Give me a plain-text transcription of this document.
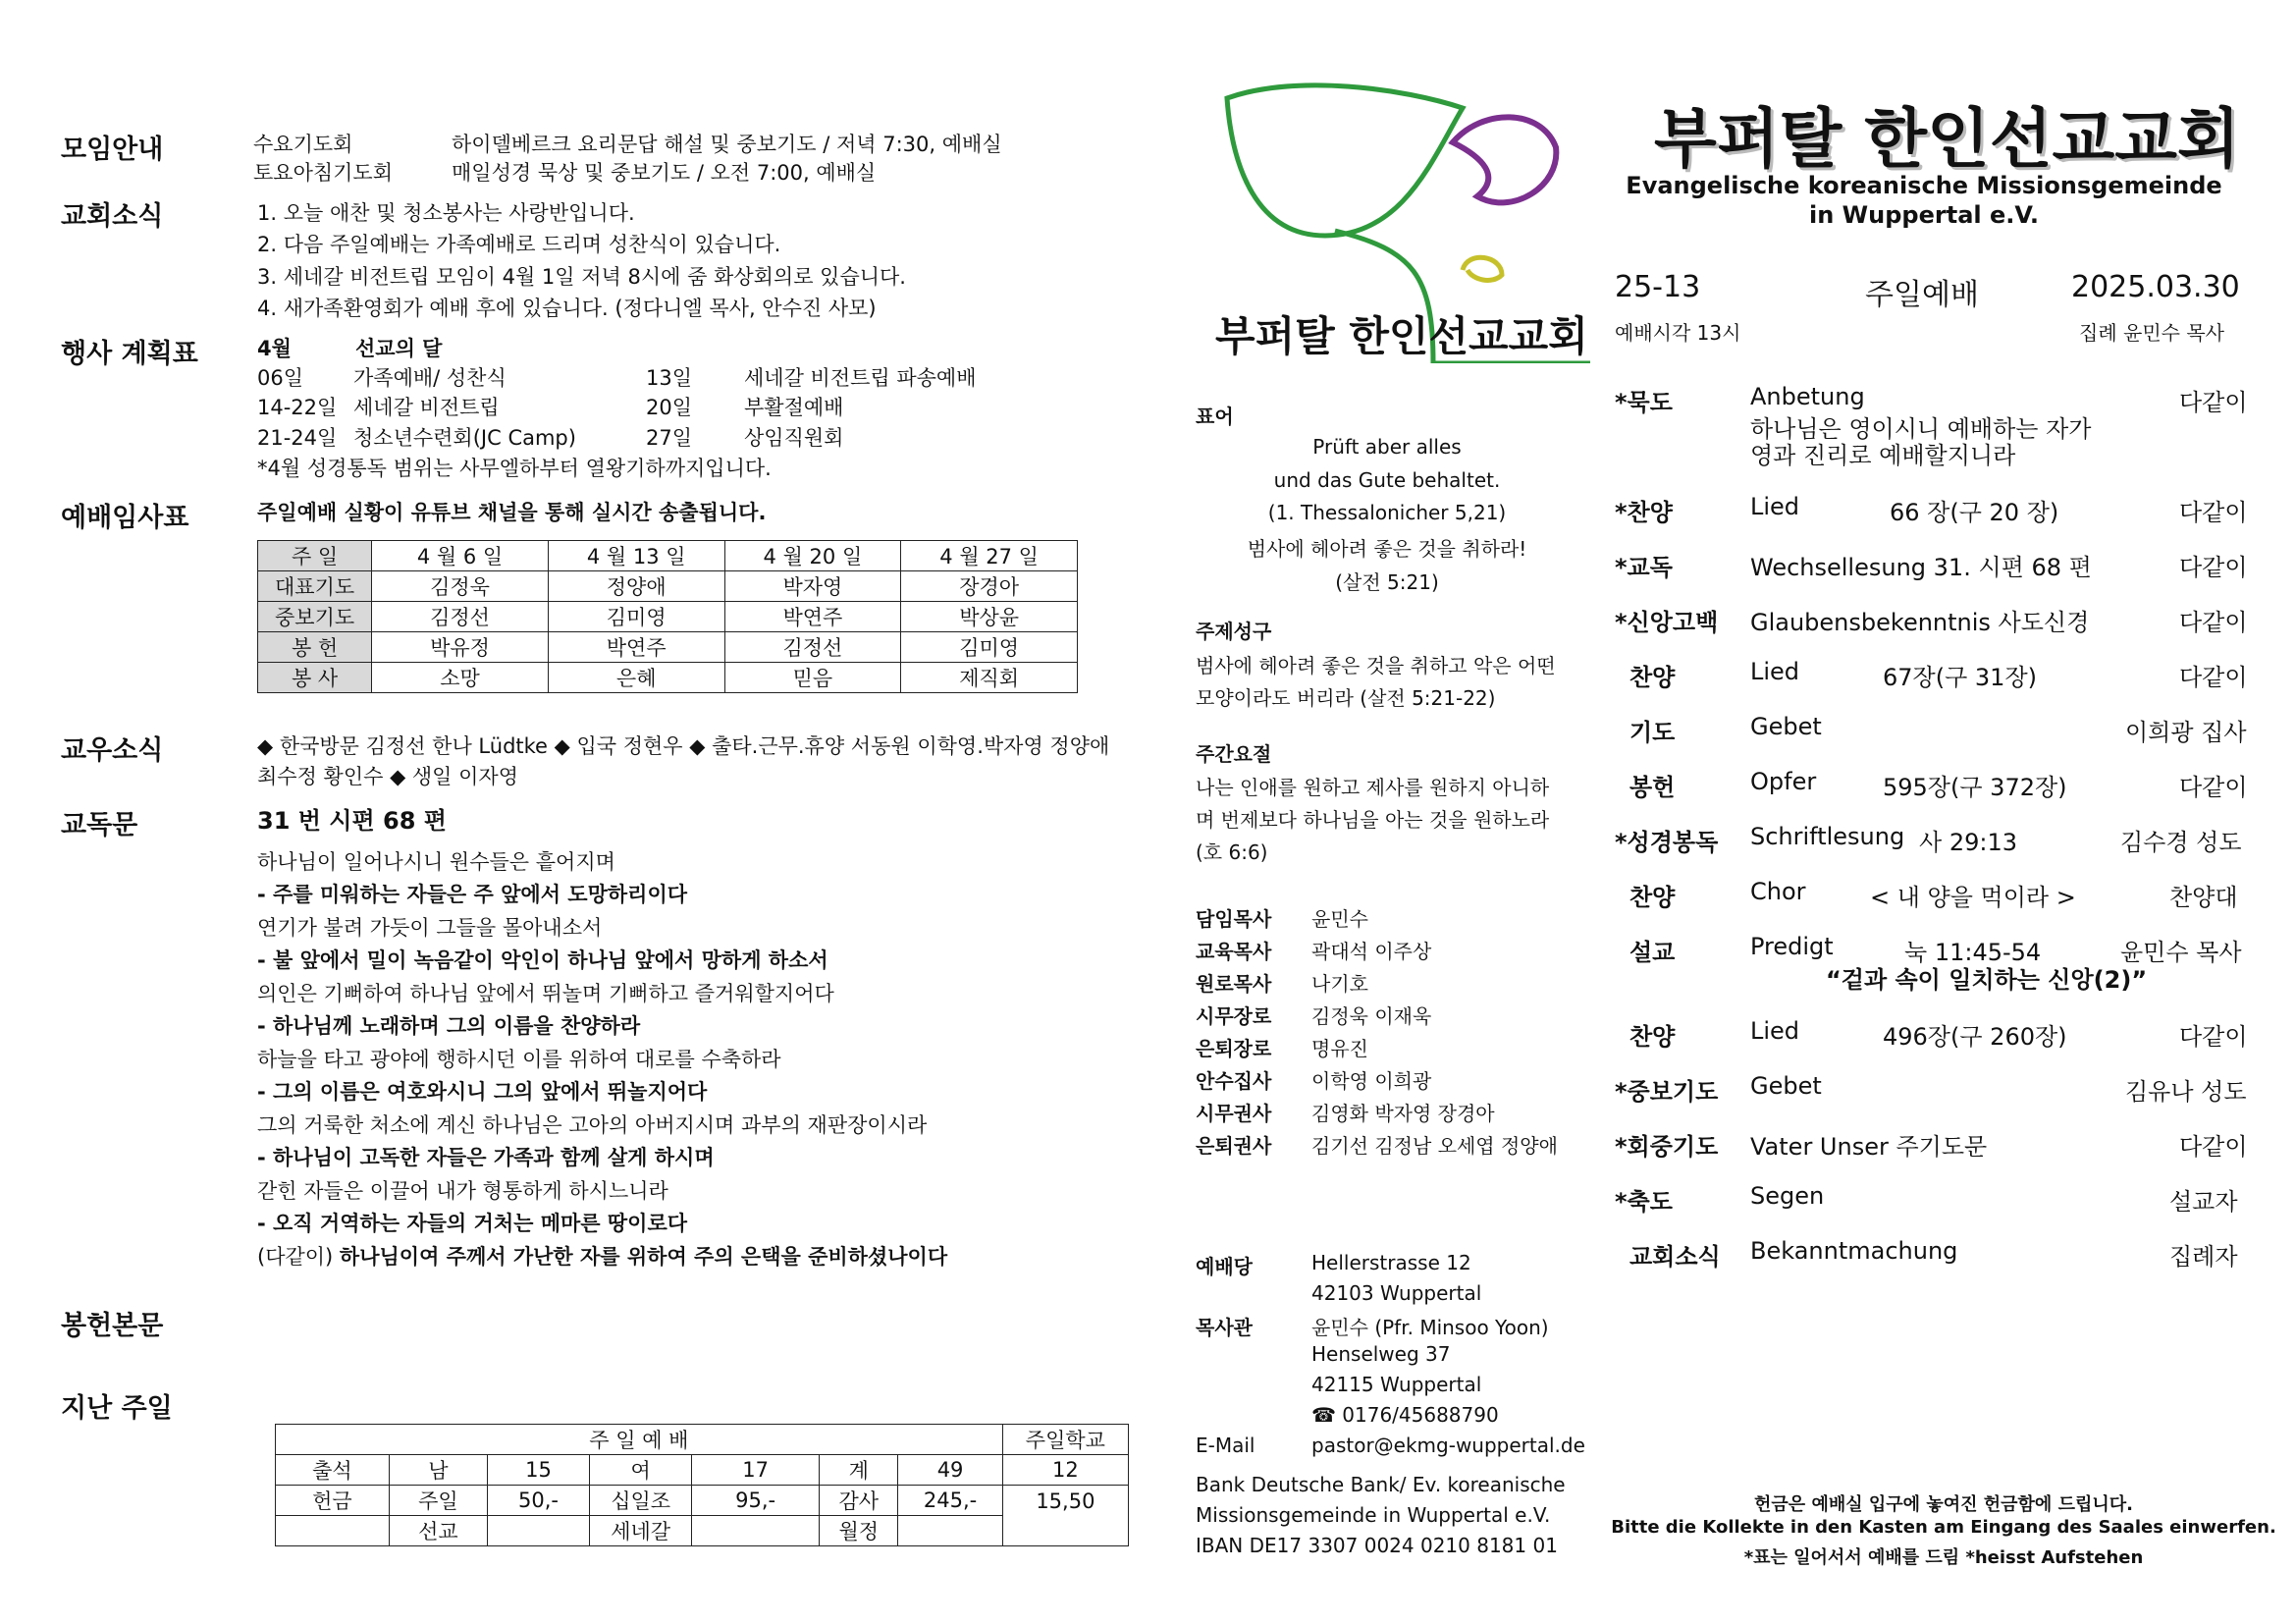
모임안내	수요기도회	하이델베르크 요리문답 해설 및 중보기도 / 저녁 7:30, 예배실
토요아침기도회	매일성경 묵상 및 중보기도 / 오전 7:00, 예배실
교회소식	1. 오늘 애찬 및 청소봉사는 사랑반입니다.
2. 다음 주일예배는 가족예배로 드리며 성찬식이 있습니다.
3. 세네갈 비전트립 모임이 4월 1일 저녁 8시에 줌 화상회의로 있습니다.
4. 새가족환영회가 예배 후에 있습니다. (정다니엘 목사, 안수진 사모)
행사 계획표	4월	선교의 달
06일 가족예배/ 성찬식	13일	세네갈 비전트립 파송예배
14-22일 세네갈 비전트립	20일	부활절예배
21-24일 청소년수련회(JC Camp)	27일	상임직원회
*4월 성경통독 범위는 사무엘하부터 열왕기하까지입니다.
예배임사표	주일예배 실황이 유튜브 채널을 통해 실시간 송출됩니다.
주 일	4 월 6 일	4 월 13 일	4 월 20 일	4 월 27 일
대표기도	김정욱	정양애	박자영	장경아
중보기도	김정선	김미영	박연주	박상윤
봉 헌	박유정	박연주	김정선	김미영
봉 사	소망	은혜	믿음	제직회
교우소식	◆ 한국방문 김정선 한나 Lüdtke ◆ 입국 정현우 ◆ 출타.근무.휴양 서동원 이학영.박자영 정양애
최수정 황인수 ◆ 생일 이자영
교독문	31 번 시편 68 편
하나님이 일어나시니 원수들은 흩어지며
- 주를 미워하는 자들은 주 앞에서 도망하리이다
연기가 불려 가듯이 그들을 몰아내소서
- 불 앞에서 밀이 녹음같이 악인이 하나님 앞에서 망하게 하소서
의인은 기뻐하여 하나님 앞에서 뛰놀며 기뻐하고 즐거워할지어다
- 하나님께 노래하며 그의 이름을 찬양하라
하늘을 타고 광야에 행하시던 이를 위하여 대로를 수축하라
- 그의 이름은 여호와시니 그의 앞에서 뛰놀지어다
그의 거룩한 처소에 계신 하나님은 고아의 아버지시며 과부의 재판장이시라
- 하나님이 고독한 자들은 가족과 함께 살게 하시며
갇힌 자들은 이끌어 내가 형통하게 하시느니라
- 오직 거역하는 자들의 거처는 메마른 땅이로다
(다같이) 하나님이여 주께서 가난한 자를 위하여 주의 은택을 준비하셨나이다
봉헌본문
지난 주일
주 일 예 배							주일학교
출석	남	15	여	17	계	49	12
헌금	주일	50,-	십일조	95,-	감사	245,-	15,50
	선교		세네갈		월정		
부퍼탈 한인선교교회
표어
Prüft aber alles
und das Gute behaltet.
(1. Thessalonicher 5,21)
범사에 헤아려 좋은 것을 취하라!
(살전 5:21)
주제성구
범사에 헤아려 좋은 것을 취하고 악은 어떤
모양이라도 버리라 (살전 5:21-22)
주간요절
나는 인애를 원하고 제사를 원하지 아니하
며 번제보다 하나님을 아는 것을 원하노라
(호 6:6)
담임목사 윤민수
교육목사 곽대석 이주상
원로목사 나기호
시무장로 김정욱 이재욱
은퇴장로 명유진
안수집사 이학영 이희광
시무권사 김영화 박자영 장경아
은퇴권사 김기선 김정남 오세엽 정양애
예배당	Hellerstrasse 12
42103 Wuppertal
목사관	윤민수 (Pfr. Minsoo Yoon)
Henselweg 37
42115 Wuppertal
☎ 0176/45688790
E-Mail	pastor@ekmg-wuppertal.de
Bank Deutsche Bank/ Ev. koreanische
Missionsgemeinde in Wuppertal e.V.
IBAN DE17 3307 0024 0210 8181 01
부퍼탈 한인선교교회
Evangelische koreanische Missionsgemeinde
in Wuppertal e.V.
25-13	주일예배	2025.03.30
예배시각 13시	집례 윤민수 목사
*묵도	Anbetung	다같이
하나님은 영이시니 예배하는 자가
영과 진리로 예배할지니라
*찬양	Lied	66 장(구 20 장)	다같이
*교독	Wechsellesung 31. 시편 68 편	다같이
*신앙고백 Glaubensbekenntnis 사도신경	다같이
찬양	Lied	67장(구 31장)	다같이
기도	Gebet	이희광 집사
봉헌	Opfer	595장(구 372장)	다같이
*성경봉독 Schriftlesung 사 29:13	김수경 성도
찬양	Chor	< 내 양을 먹이라 >	찬양대
설교	Predigt	눅 11:45-54	윤민수 목사
“겉과 속이 일치하는 신앙(2)”
찬양	Lied	496장(구 260장)	다같이
*중보기도 Gebet	김유나 성도
*회중기도 Vater Unser 주기도문	다같이
*축도	Segen	설교자
교회소식 Bekanntmachung	집례자
헌금은 예배실 입구에 놓여진 헌금함에 드립니다.
Bitte die Kollekte in den Kasten am Eingang des Saales einwerfen.
*표는 일어서서 예배를 드림 *heisst Aufstehen
